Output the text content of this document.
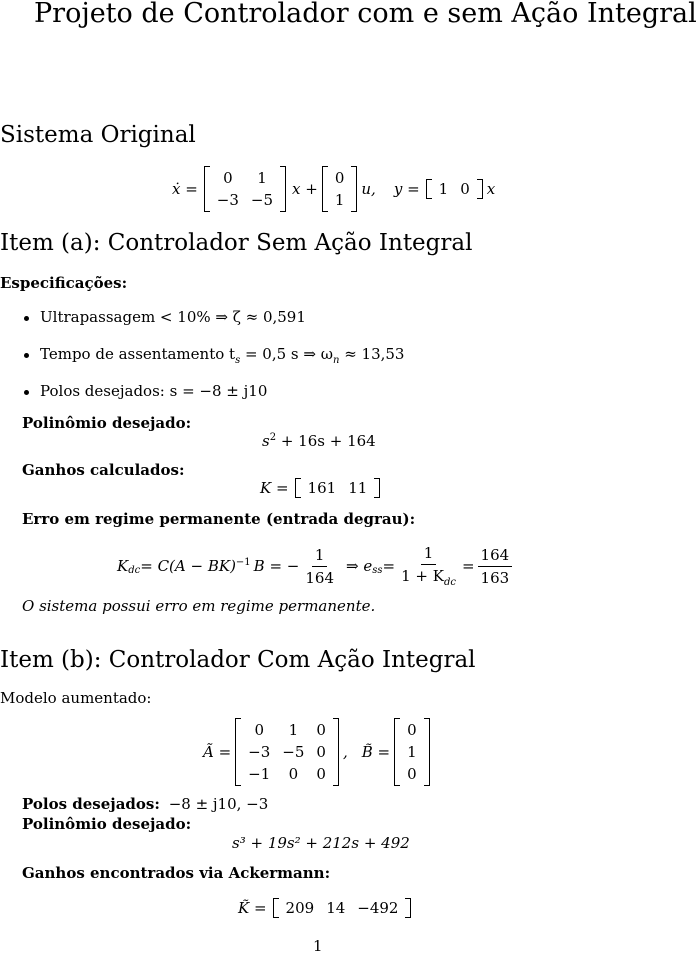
Projeto de Controlador com e sem Ação Integral
Sistema Original
ẋ =
0	1
−3 −5
x +
0
1
u, y =	1 0	x
Item (a): Controlador Sem Ação Integral
Especificações:
Ultrapassagem < 10% ⇒ ζ ≈ 0,591
Tempo de assentamento $t_s = 0,5$ s ⇒ $\omega_n \approx 13,53$
Polos desejados: s = −8 ± j10
Polinômio desejado:
$s^2 + 16s + 164$
Ganhos calculados:
K =	161 11
Erro em regime permanente (entrada degrau):
$K_{dc} = C(A - BK)^{-1}$ B = − $\frac{1}{164}$ ⇒ $e_{ss} = \frac{1}{1 + K_{dc}} = \frac{164}{163}$
O sistema possui erro em regime permanente.
Item (b): Controlador Com Ação Integral
Modelo aumentado:
Ã =
0	1	0
−3 −5 0
−1	0	0
, B̃ =
0
1
0
Polos desejados: −8 ± j10, −3
Polinômio desejado:
s³ + 19s² + 212s + 492
Ganhos encontrados via Ackermann:
K̃ =	209 14 −492
1
